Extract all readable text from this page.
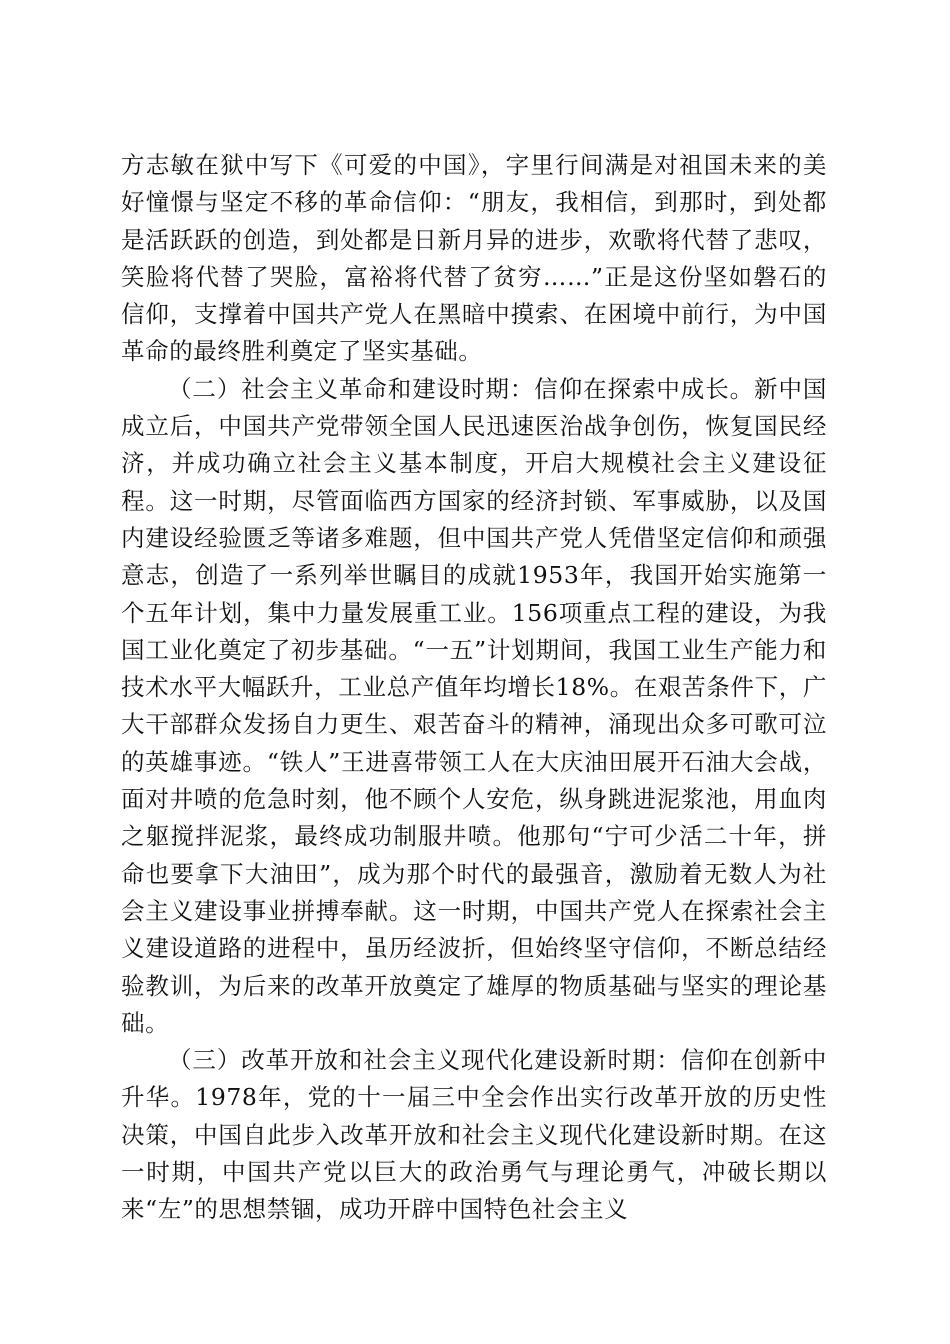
方志敏在狱中写下《可爱的中国》，字里行间满是对祖国未来的美好憧憬与坚定不移的革命信仰：“朋友，我相信，到那时，到处都是活跃跃的创造，到处都是日新月异的进步，欢歌将代替了悲叹，笑脸将代替了哭脸，富裕将代替了贫穷……”正是这份坚如磐石的信仰，支撑着中国共产党人在黑暗中摸索、在困境中前行，为中国革命的最终胜利奠定了坚实基础。

（二）社会主义革命和建设时期：信仰在探索中成长。新中国成立后，中国共产党带领全国人民迅速医治战争创伤，恢复国民经济，并成功确立社会主义基本制度，开启大规模社会主义建设征程。这一时期，尽管面临西方国家的经济封锁、军事威胁，以及国内建设经验匮乏等诸多难题，但中国共产党人凭借坚定信仰和顽强意志，创造了一系列举世瞩目的成就1953年，我国开始实施第一个五年计划，集中力量发展重工业。156项重点工程的建设，为我国工业化奠定了初步基础。“一五”计划期间，我国工业生产能力和技术水平大幅跃升，工业总产值年均增长18%。在艰苦条件下，广大干部群众发扬自力更生、艰苦奋斗的精神，涌现出众多可歌可泣的英雄事迹。“铁人”王进喜带领工人在大庆油田展开石油大会战，面对井喷的危急时刻，他不顾个人安危，纵身跳进泥浆池，用血肉之躯搅拌泥浆，最终成功制服井喷。他那句“宁可少活二十年，拼命也要拿下大油田”，成为那个时代的最强音，激励着无数人为社会主义建设事业拼搏奉献。这一时期，中国共产党人在探索社会主义建设道路的进程中，虽历经波折，但始终坚守信仰，不断总结经验教训，为后来的改革开放奠定了雄厚的物质基础与坚实的理论基础。

（三）改革开放和社会主义现代化建设新时期：信仰在创新中升华。1978年，党的十一届三中全会作出实行改革开放的历史性决策，中国自此步入改革开放和社会主义现代化建设新时期。在这一时期，中国共产党以巨大的政治勇气与理论勇气，冲破长期以来“左”的思想禁锢，成功开辟中国特色社会主义
